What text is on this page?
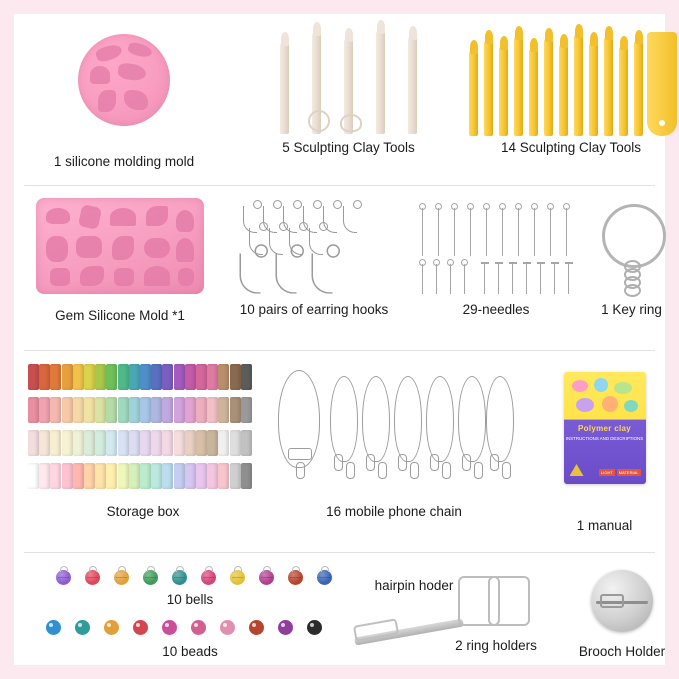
1 silicone molding mold
5 Sculpting Clay Tools	14 Sculpting Clay Tools
Gem Silicone Mold *1	10 pairs of earring hooks	29-needles	1 Key ring
Storage box	16 mobile phone chain
Polymer clay
INSTRUCTIONS AND DESCRIPTIONS
LIGHT	MATERIAL
1 manual
10 bells
10 beads
hairpin hoder
2 ring holders	Brooch Holder
